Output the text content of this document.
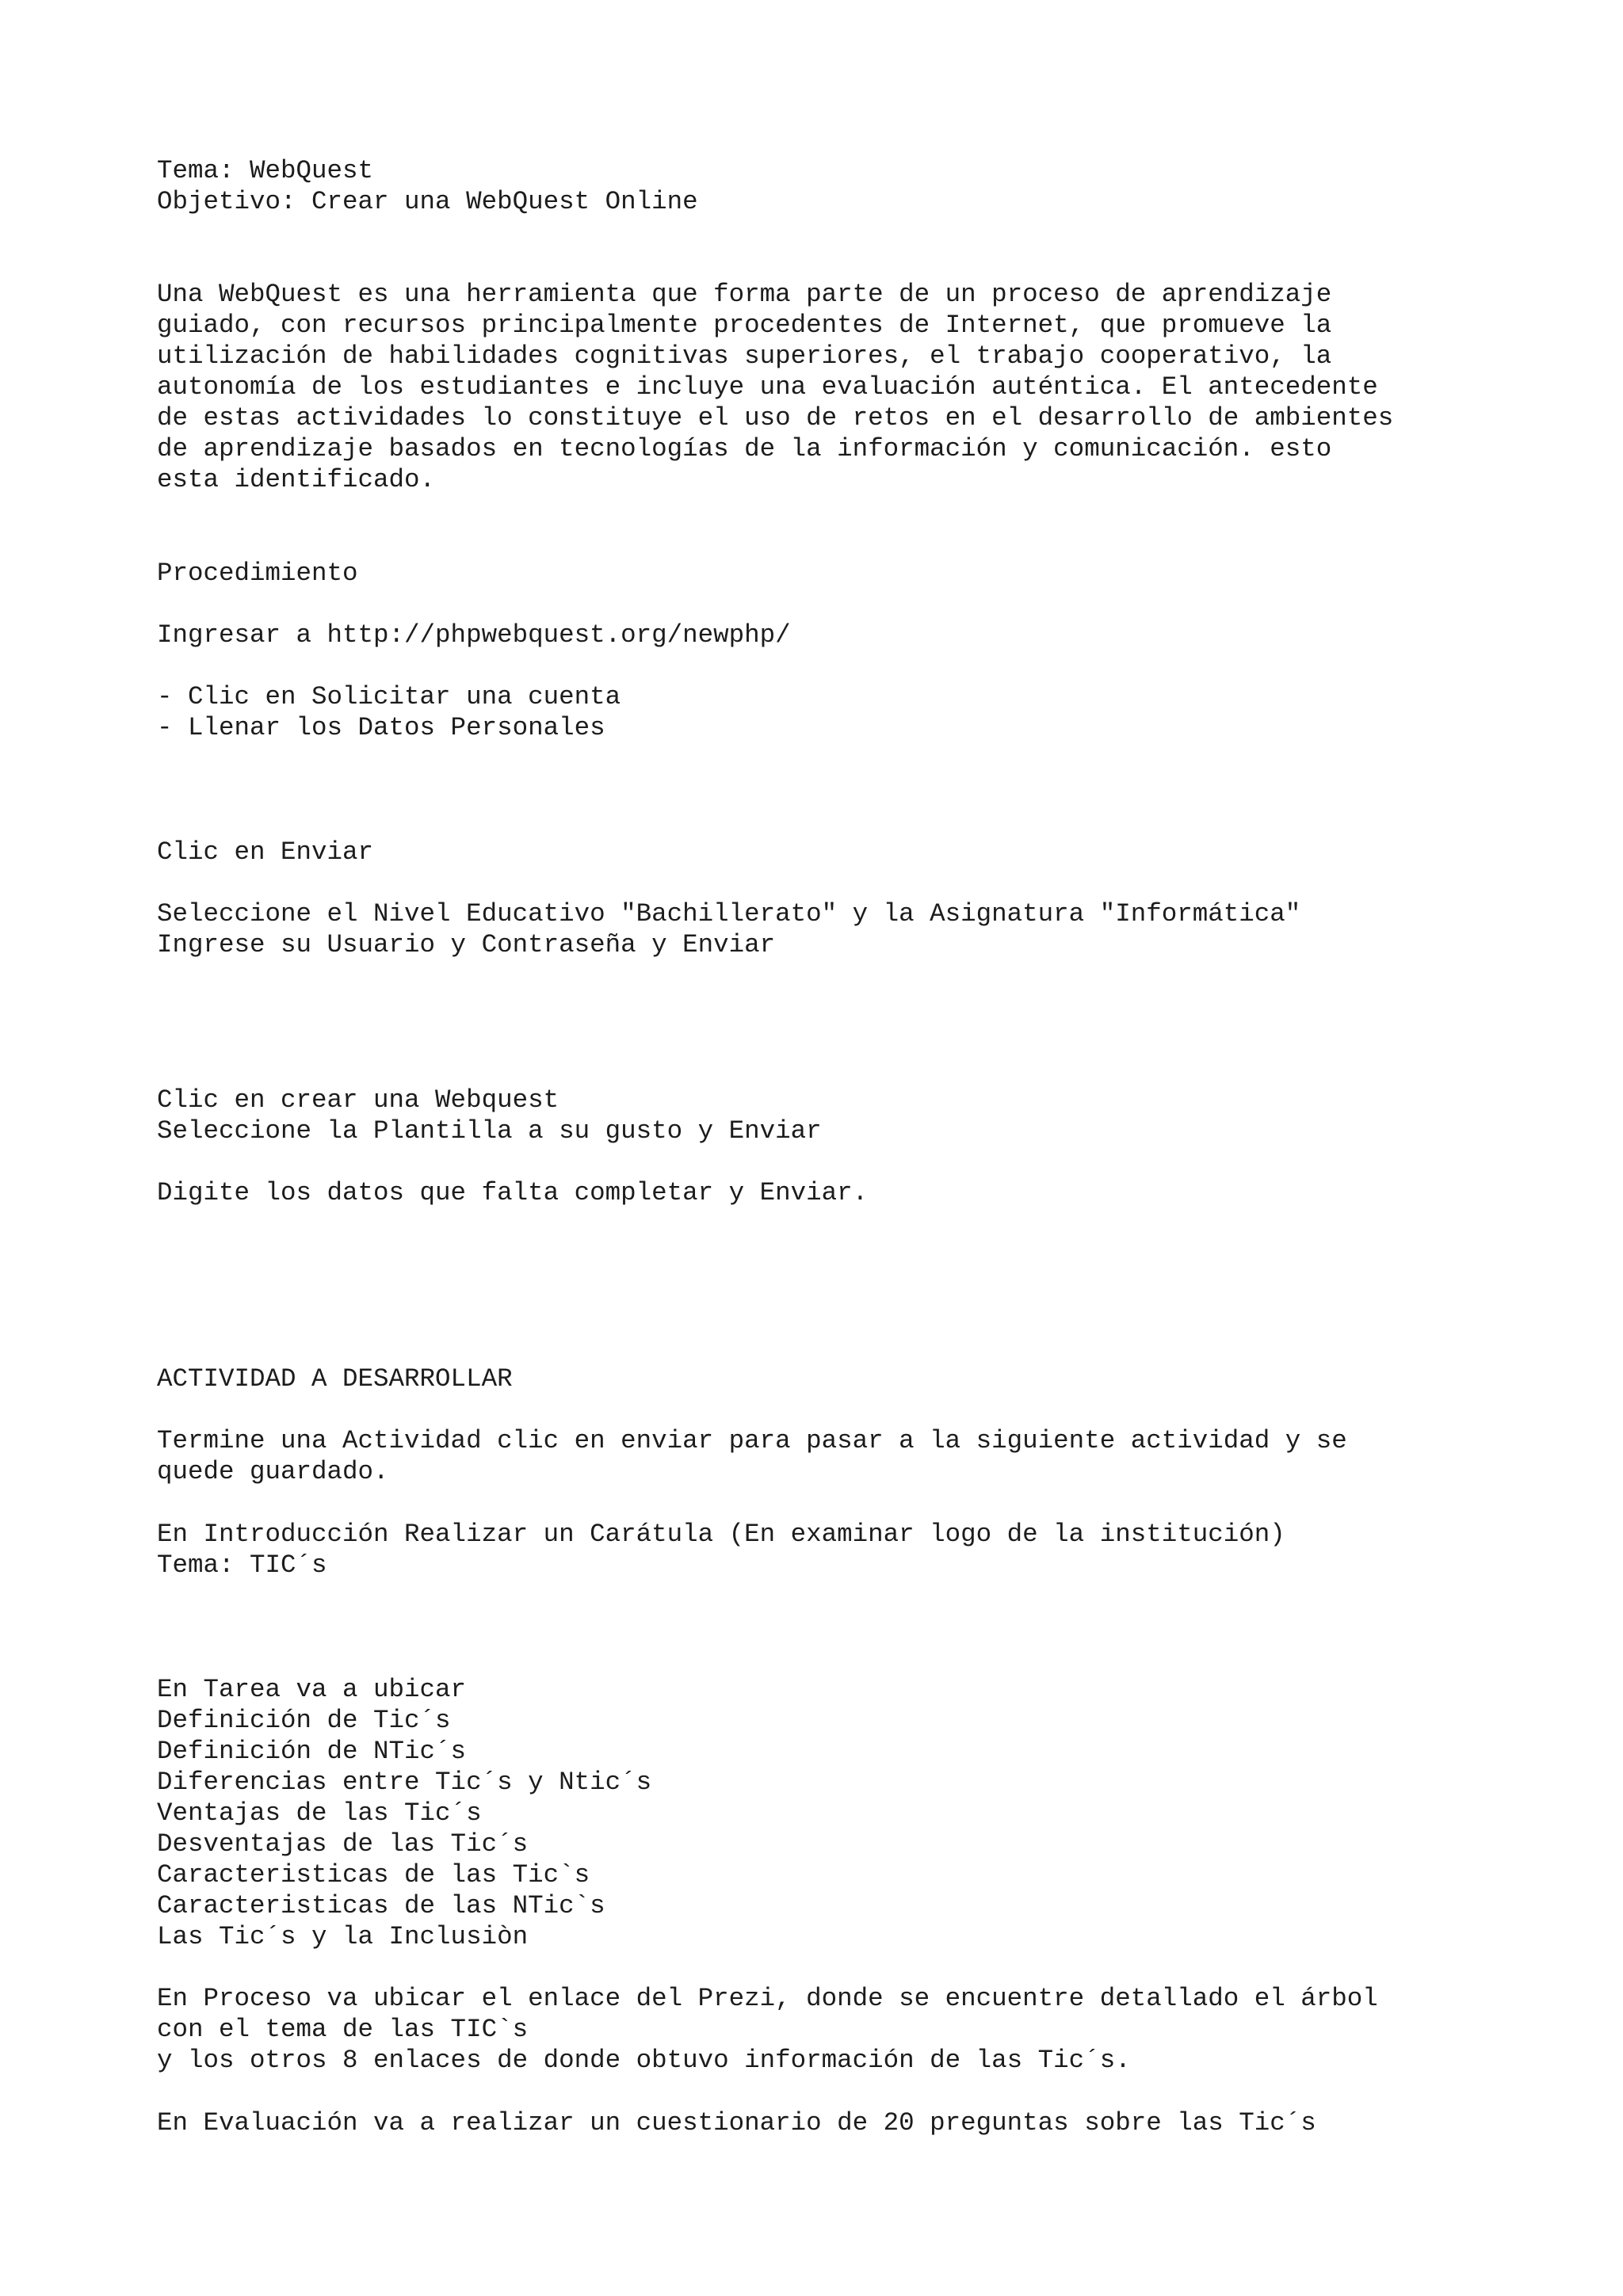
Tema: WebQuest

Objetivo: Crear una WebQuest Online

Una WebQuest es una herramienta que forma parte de un proceso de aprendizaje

guiado, con recursos principalmente procedentes de Internet, que promueve la

utilización de habilidades cognitivas superiores, el trabajo cooperativo, la

autonomía de los estudiantes e incluye una evaluación auténtica. El antecedente

de estas actividades lo constituye el uso de retos en el desarrollo de ambientes

de aprendizaje basados en tecnologías de la información y comunicación. esto

esta identificado.

Procedimiento

Ingresar a http://phpwebquest.org/newphp/

- Clic en Solicitar una cuenta

- Llenar los Datos Personales

Clic en Enviar

Seleccione el Nivel Educativo "Bachillerato" y la Asignatura "Informática"

Ingrese su Usuario y Contraseña y Enviar

Clic en crear una Webquest

Seleccione la Plantilla a su gusto y Enviar

Digite los datos que falta completar y Enviar.

ACTIVIDAD A DESARROLLAR

Termine una Actividad clic en enviar para pasar a la siguiente actividad y se

quede guardado.

En Introducción Realizar un Carátula (En examinar logo de la institución)

Tema: TIC´s

En Tarea va a ubicar

Definición de Tic´s

Definición de NTic´s

Diferencias entre Tic´s y Ntic´s

Ventajas de las Tic´s

Desventajas de las Tic´s

Caracteristicas de las Tic`s

Caracteristicas de las NTic`s

Las Tic´s y la Inclusiòn

En Proceso va ubicar el enlace del Prezi, donde se encuentre detallado el árbol

con el tema de las TIC`s

y los otros 8 enlaces de donde obtuvo información de las Tic´s.

En Evaluación va a realizar un cuestionario de 20 preguntas sobre las Tic´s
